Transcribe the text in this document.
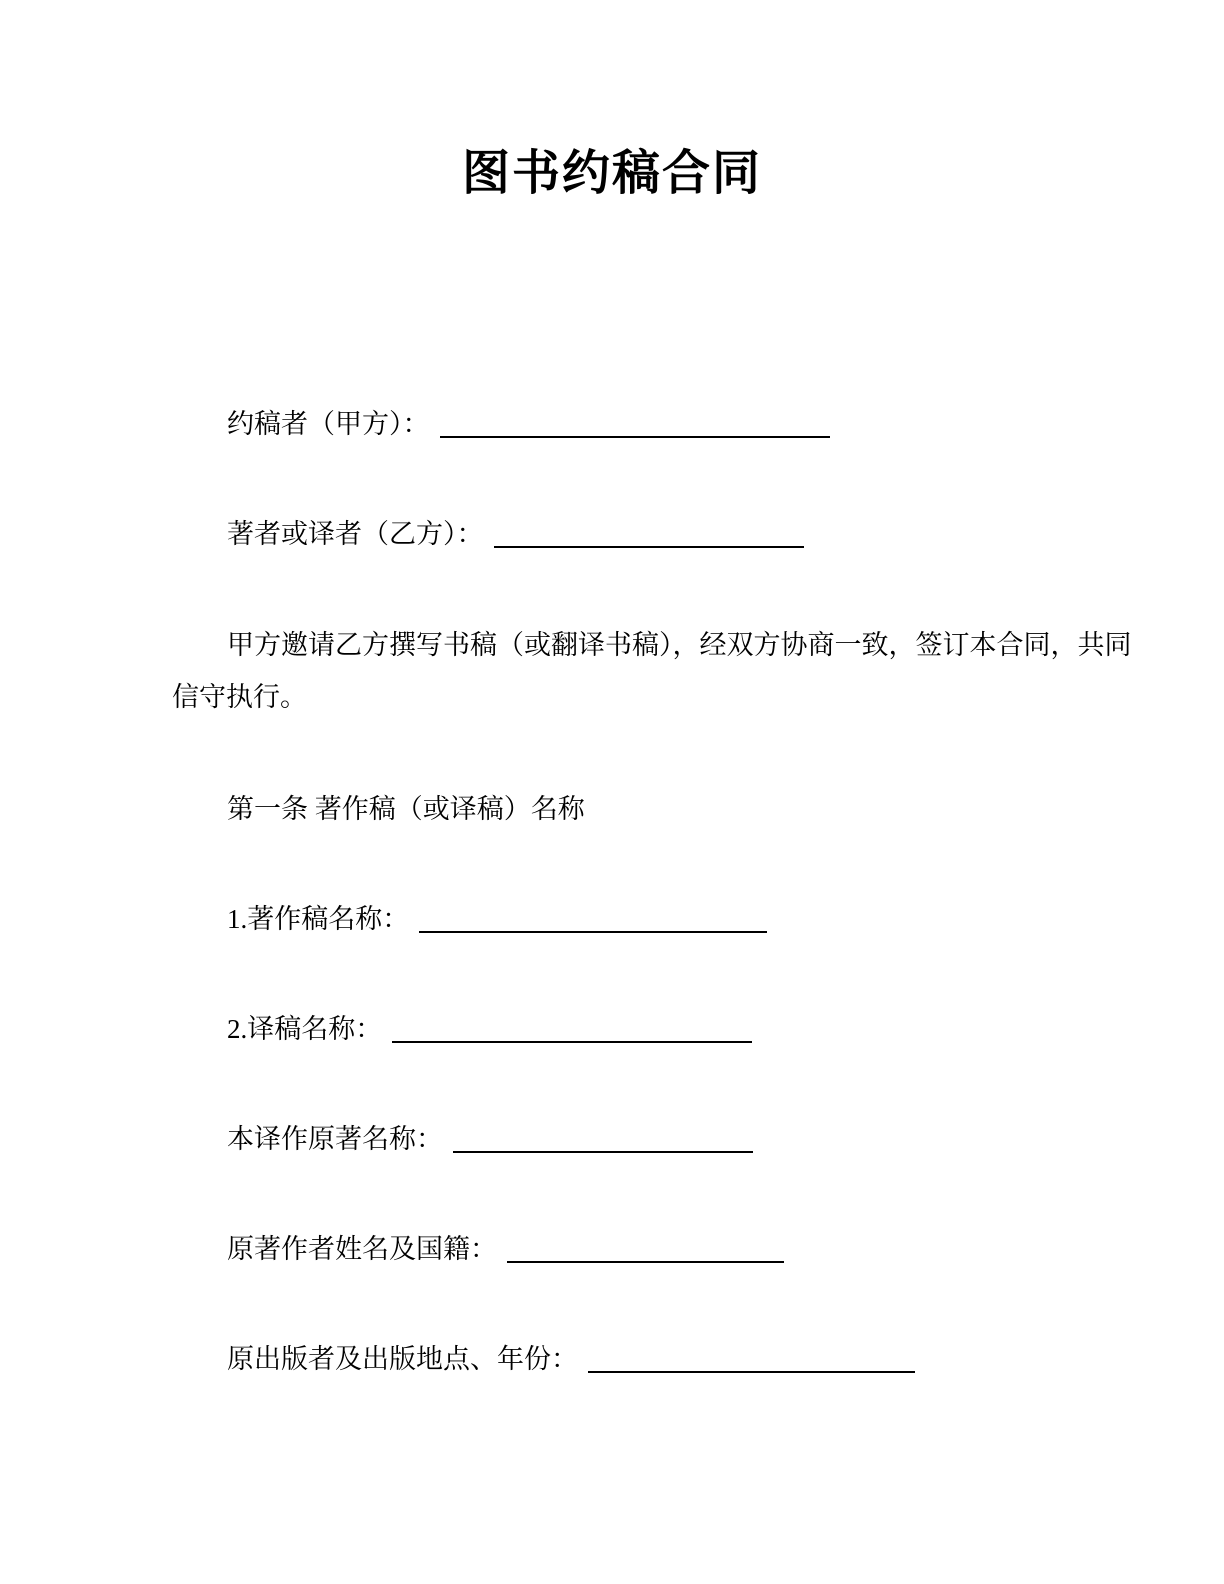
图书约稿合同
约稿者（甲方）：
著者或译者（乙方）：
甲方邀请乙方撰写书稿（或翻译书稿），经双方协商一致，签订本合同，共同
信守执行。
第一条 著作稿（或译稿）名称
1.著作稿名称：
2.译稿名称：
本译作原著名称：
原著作者姓名及国籍：
原出版者及出版地点、年份：
